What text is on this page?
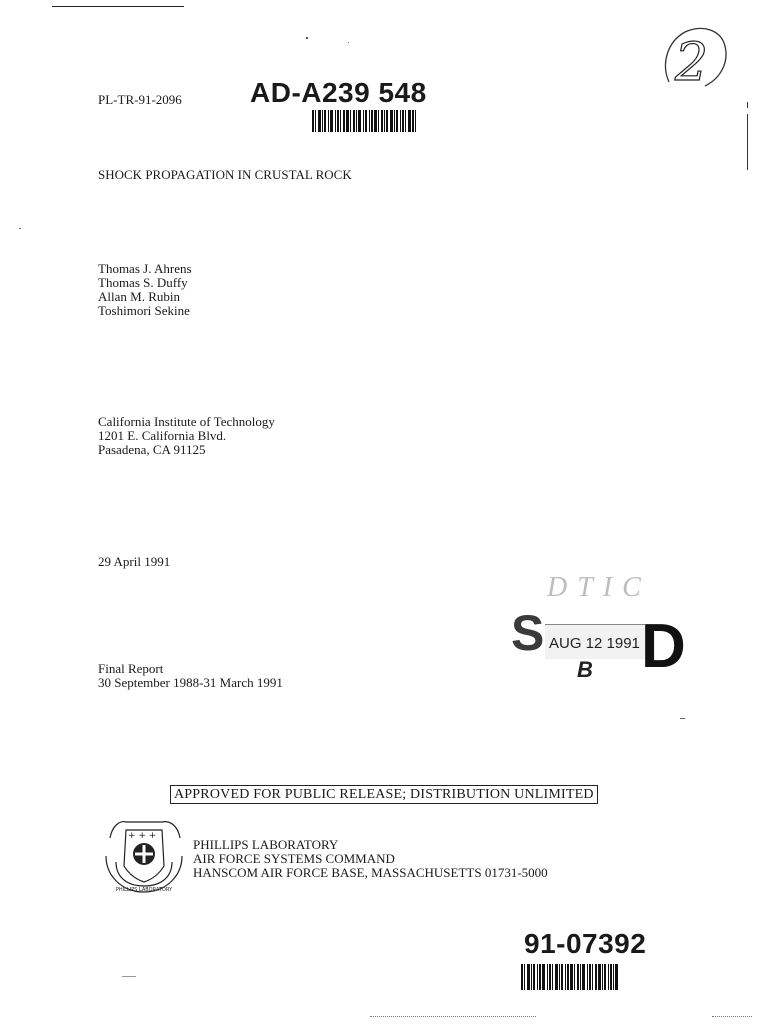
2
PL-TR-91-2096 AD-A239 548
SHOCK PROPAGATION IN CRUSTAL ROCK
Thomas J. Ahrens
Thomas S. Duffy
Allan M. Rubin
Toshimori Sekine
California Institute of Technology
1201 E. California Blvd.
Pasadena, CA 91125
29 April 1991
Final Report
30 September 1988-31 March 1991
DTIC
S AUG 12 1991
B D
APPROVED FOR PUBLIC RELEASE; DISTRIBUTION UNLIMITED
+ + +
PHILLIPS LABORATORY
PHILLIPS LABORATORY
AIR FORCE SYSTEMS COMMAND
HANSCOM AIR FORCE BASE, MASSACHUSETTS 01731-5000
91-07392
